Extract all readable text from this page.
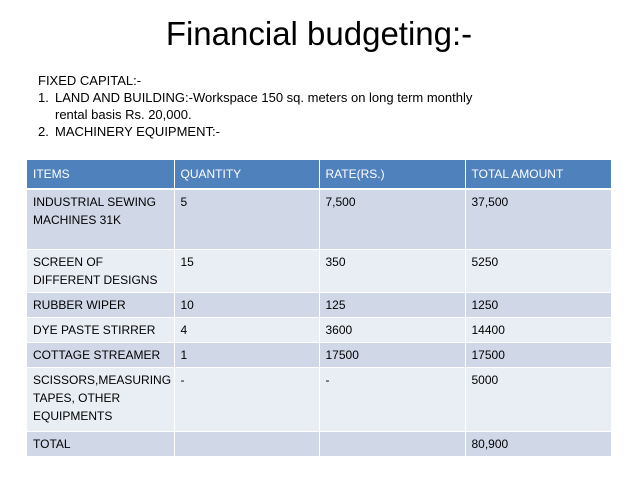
Financial budgeting:-
FIXED CAPITAL:-
1. LAND AND BUILDING:-Workspace 150 sq. meters on long term monthly
rental basis Rs. 20,000.
2. MACHINERY EQUIPMENT:-
ITEMS	QUANTITY	RATE(RS.)	TOTAL AMOUNT
INDUSTRIAL SEWING MACHINES 31K	5	7,500	37,500
SCREEN OF DIFFERENT DESIGNS	15	350	5250
RUBBER WIPER	10	125	1250
DYE PASTE STIRRER	4	3600	14400
COTTAGE STREAMER	1	17500	17500
SCISSORS,MEASURING TAPES, OTHER EQUIPMENTS	-	-	5000
TOTAL			80,900
